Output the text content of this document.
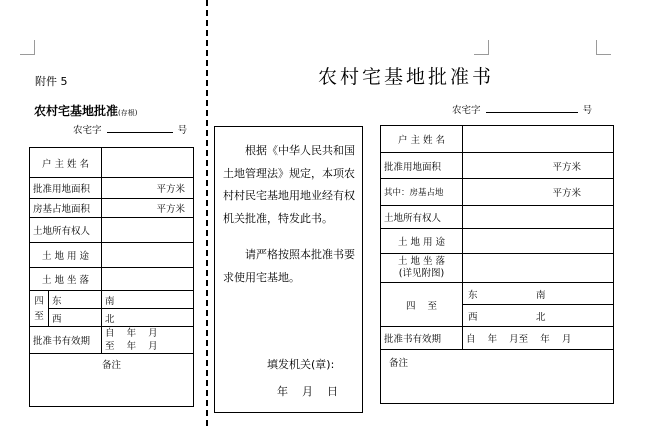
附件 5
农村宅基地批准(存根)
农宅字	号
户 主 姓 名		
批准用地面积		平方米
房基占地面积		平方米
土地所有权人		
土 地 用 途		
土 地 坐 落		
四
至	东	南
	西	北
批准书有效期		自    年    月
至    年    月
备注		
根据《中华人民共和国土地管理法》规定，本项农村村民宅基地用地业经有权机关批准，特发此书。
请严格按照本批准书要求使用宅基地。
填发机关(章):
年    月    日
农村宅基地批准书
农宅字	号
户 主 姓 名	
批准用地面积	平方米
其中：房基占地	平方米
土地所有权人	
土 地 用 途	
土 地 坐 落
(详见附图)	
四    至	东 南
西 北

批准书有效期	自    年    月至    年    月
备注	
